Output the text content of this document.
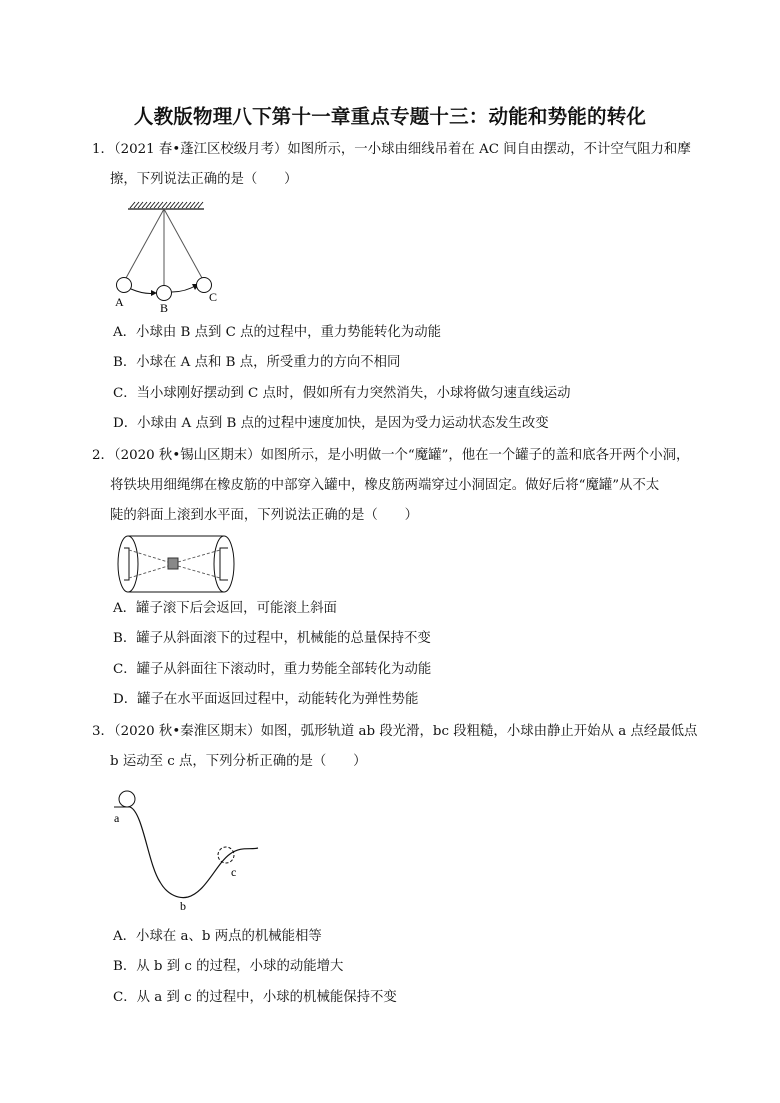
人教版物理八下第十一章重点专题十三：动能和势能的转化
1．（2021 春•蓬江区校级月考）如图所示，一小球由细线吊着在 AC 间自由摆动，不计空气阻力和摩
擦，下列说法正确的是（　　）
A	B
C
A．小球由 B 点到 C 点的过程中，重力势能转化为动能
B．小球在 A 点和 B 点，所受重力的方向不相同
C．当小球刚好摆动到 C 点时，假如所有力突然消失，小球将做匀速直线运动
D．小球由 A 点到 B 点的过程中速度加快，是因为受力运动状态发生改变
2．（2020 秋•锡山区期末）如图所示，是小明做一个“魔罐”，他在一个罐子的盖和底各开两个小洞，
将铁块用细绳绑在橡皮筋的中部穿入罐中，橡皮筋两端穿过小洞固定。做好后将“魔罐”从不太
陡的斜面上滚到水平面，下列说法正确的是（　　）
A．罐子滚下后会返回，可能滚上斜面
B．罐子从斜面滚下的过程中，机械能的总量保持不变
C．罐子从斜面往下滚动时，重力势能全部转化为动能
D．罐子在水平面返回过程中，动能转化为弹性势能
3．（2020 秋•秦淮区期末）如图，弧形轨道 ab 段光滑，bc 段粗糙，小球由静止开始从 a 点经最低点
b 运动至 c 点，下列分析正确的是（　　）
a
b
c
A．小球在 a、b 两点的机械能相等
B．从 b 到 c 的过程，小球的动能增大
C．从 a 到 c 的过程中，小球的机械能保持不变
